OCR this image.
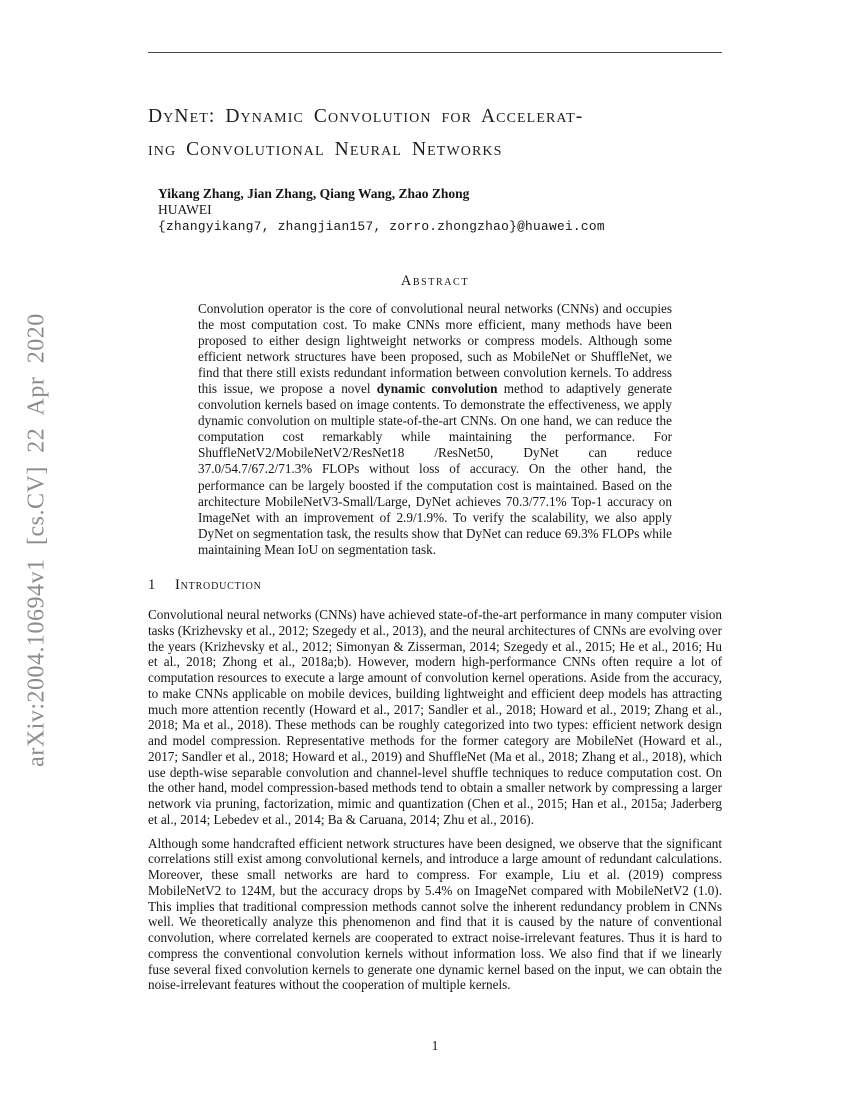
arXiv:2004.10694v1 [cs.CV] 22 Apr 2020
DyNet: Dynamic Convolution for Accelerat-
ing Convolutional Neural Networks
Yikang Zhang, Jian Zhang, Qiang Wang, Zhao Zhong
HUAWEI
{zhangyikang7, zhangjian157, zorro.zhongzhao}@huawei.com
Abstract
Convolution operator is the core of convolutional neural networks (CNNs) and occupies the most computation cost. To make CNNs more efficient, many methods have been proposed to either design lightweight networks or compress models. Although some efficient network structures have been proposed, such as MobileNet or ShuffleNet, we find that there still exists redundant information between convolution kernels. To address this issue, we propose a novel dynamic convolution method to adaptively generate convolution kernels based on image contents. To demonstrate the effectiveness, we apply dynamic convolution on multiple state-of-the-art CNNs. On one hand, we can reduce the computation cost remarkably while maintaining the performance. For ShuffleNetV2/MobileNetV2/ResNet18 /ResNet50, DyNet can reduce 37.0/54.7/67.2/71.3% FLOPs without loss of accuracy. On the other hand, the performance can be largely boosted if the computation cost is maintained. Based on the architecture MobileNetV3-Small/Large, DyNet achieves 70.3/77.1% Top-1 accuracy on ImageNet with an improvement of 2.9/1.9%. To verify the scalability, we also apply DyNet on segmentation task, the results show that DyNet can reduce 69.3% FLOPs while maintaining Mean IoU on segmentation task.
1 Introduction
Convolutional neural networks (CNNs) have achieved state-of-the-art performance in many computer vision tasks (Krizhevsky et al., 2012; Szegedy et al., 2013), and the neural architectures of CNNs are evolving over the years (Krizhevsky et al., 2012; Simonyan & Zisserman, 2014; Szegedy et al., 2015; He et al., 2016; Hu et al., 2018; Zhong et al., 2018a;b). However, modern high-performance CNNs often require a lot of computation resources to execute a large amount of convolution kernel operations. Aside from the accuracy, to make CNNs applicable on mobile devices, building lightweight and efficient deep models has attracting much more attention recently (Howard et al., 2017; Sandler et al., 2018; Howard et al., 2019; Zhang et al., 2018; Ma et al., 2018). These methods can be roughly categorized into two types: efficient network design and model compression. Representative methods for the former category are MobileNet (Howard et al., 2017; Sandler et al., 2018; Howard et al., 2019) and ShuffleNet (Ma et al., 2018; Zhang et al., 2018), which use depth-wise separable convolution and channel-level shuffle techniques to reduce computation cost. On the other hand, model compression-based methods tend to obtain a smaller network by compressing a larger network via pruning, factorization, mimic and quantization (Chen et al., 2015; Han et al., 2015a; Jaderberg et al., 2014; Lebedev et al., 2014; Ba & Caruana, 2014; Zhu et al., 2016).
Although some handcrafted efficient network structures have been designed, we observe that the significant correlations still exist among convolutional kernels, and introduce a large amount of redundant calculations. Moreover, these small networks are hard to compress. For example, Liu et al. (2019) compress MobileNetV2 to 124M, but the accuracy drops by 5.4% on ImageNet compared with MobileNetV2 (1.0). This implies that traditional compression methods cannot solve the inherent redundancy problem in CNNs well. We theoretically analyze this phenomenon and find that it is caused by the nature of conventional convolution, where correlated kernels are cooperated to extract noise-irrelevant features. Thus it is hard to compress the conventional convolution kernels without information loss. We also find that if we linearly fuse several fixed convolution kernels to generate one dynamic kernel based on the input, we can obtain the noise-irrelevant features without the cooperation of multiple kernels.
1
